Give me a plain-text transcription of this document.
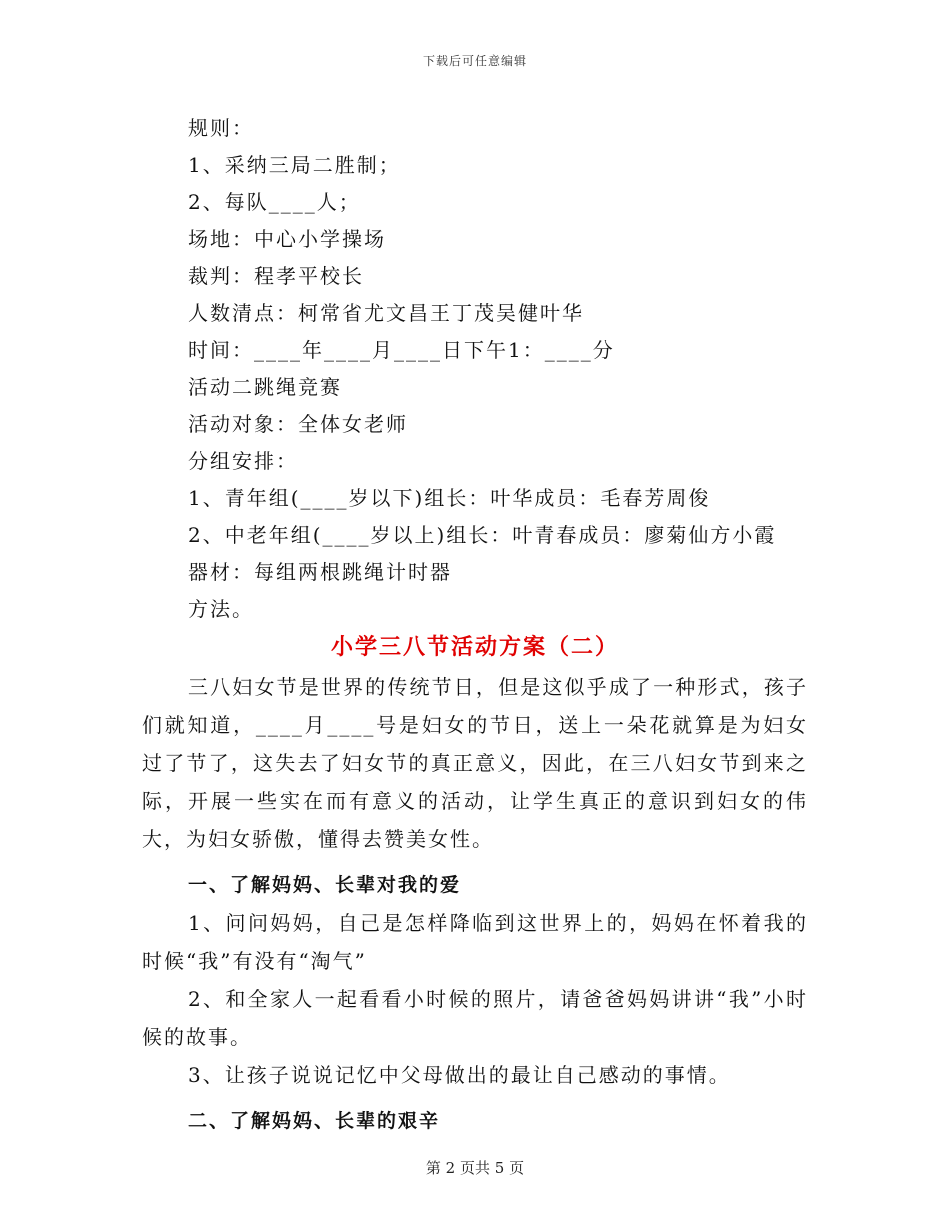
下载后可任意编辑
规则：
1、采纳三局二胜制；
2、每队____人；
场地：中心小学操场
裁判：程孝平校长
人数清点：柯常省尤文昌王丁茂吴健叶华
时间：____年____月____日下午1：____分
活动二跳绳竞赛
活动对象：全体女老师
分组安排：
1、青年组(____岁以下)组长：叶华成员：毛春芳周俊
2、中老年组(____岁以上)组长：叶青春成员：廖菊仙方小霞
器材：每组两根跳绳计时器
方法。
小学三八节活动方案（二）
三八妇女节是世界的传统节日，但是这似乎成了一种形式，孩子们就知道，____月____号是妇女的节日，送上一朵花就算是为妇女过了节了，这失去了妇女节的真正意义，因此，在三八妇女节到来之际，开展一些实在而有意义的活动，让学生真正的意识到妇女的伟大，为妇女骄傲，懂得去赞美女性。
一、了解妈妈、长辈对我的爱
1、问问妈妈，自己是怎样降临到这世界上的，妈妈在怀着我的时候“我”有没有“淘气”
2、和全家人一起看看小时候的照片，请爸爸妈妈讲讲“我”小时候的故事。
3、让孩子说说记忆中父母做出的最让自己感动的事情。
二、了解妈妈、长辈的艰辛
第 2 页共 5 页
